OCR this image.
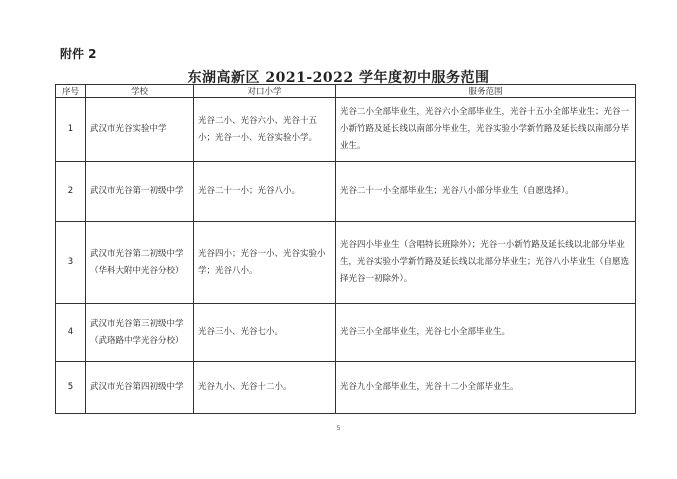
附件 2
东湖高新区 2021-2022 学年度初中服务范围
序号	学校	对口小学	服务范围
1	武汉市光谷实验中学	光谷二小、光谷六小、光谷十五小；光谷一小、光谷实验小学。	光谷二小全部毕业生，光谷六小全部毕业生，光谷十五小全部毕业生；光谷一小新竹路及延长线以南部分毕业生，光谷实验小学新竹路及延长线以南部分毕业生。
2	武汉市光谷第一初级中学	光谷二十一小；光谷八小。	光谷二十一小全部毕业生；光谷八小部分毕业生（自愿选择）。
3	武汉市光谷第二初级中学（华科大附中光谷分校）	光谷四小；光谷一小、光谷实验小学；光谷八小。	光谷四小毕业生（含唱特长班除外）；光谷一小新竹路及延长线以北部分毕业生，光谷实验小学新竹路及延长线以北部分毕业生；光谷八小毕业生（自愿选择光谷一初除外）。
4	武汉市光谷第三初级中学（武珞路中学光谷分校）	光谷三小、光谷七小。	光谷三小全部毕业生，光谷七小全部毕业生。
5	武汉市光谷第四初级中学	光谷九小、光谷十二小。	光谷九小全部毕业生，光谷十二小全部毕业生。
5
